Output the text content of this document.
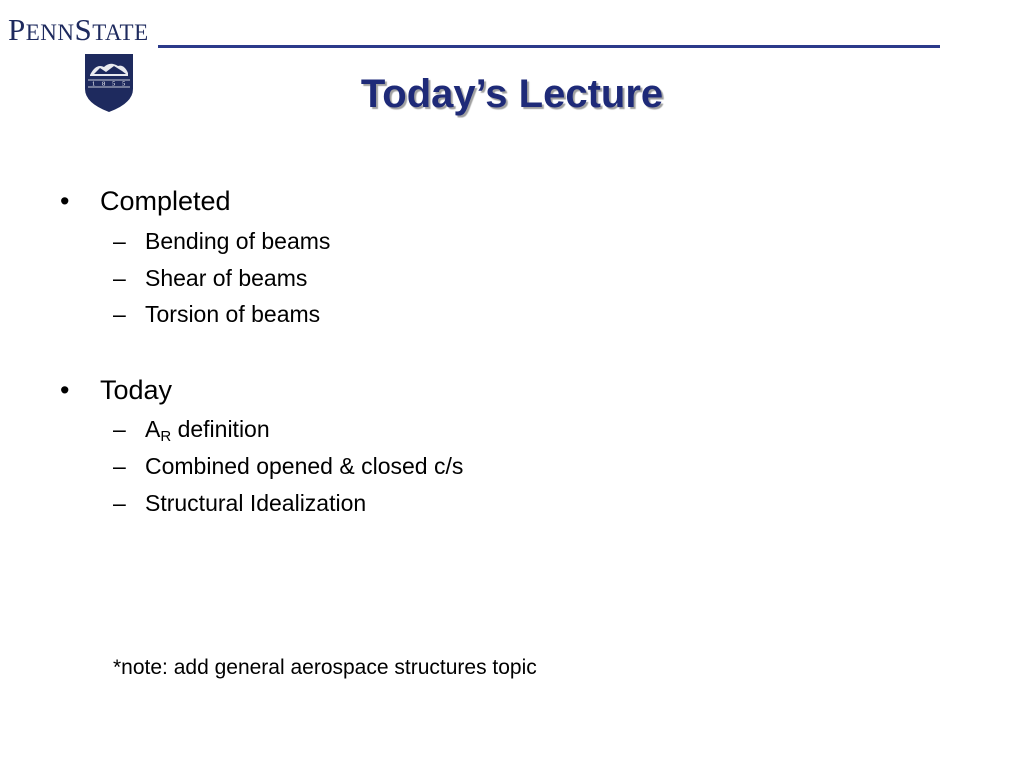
PENNSTATE
1 8 5 5	Today’s Lecture
• Completed
– Bending of beams
– Shear of beams
– Torsion of beams
• Today
– $A_R$ definition
– Combined opened & closed c/s
– Structural Idealization
*note: add general aerospace structures topic
